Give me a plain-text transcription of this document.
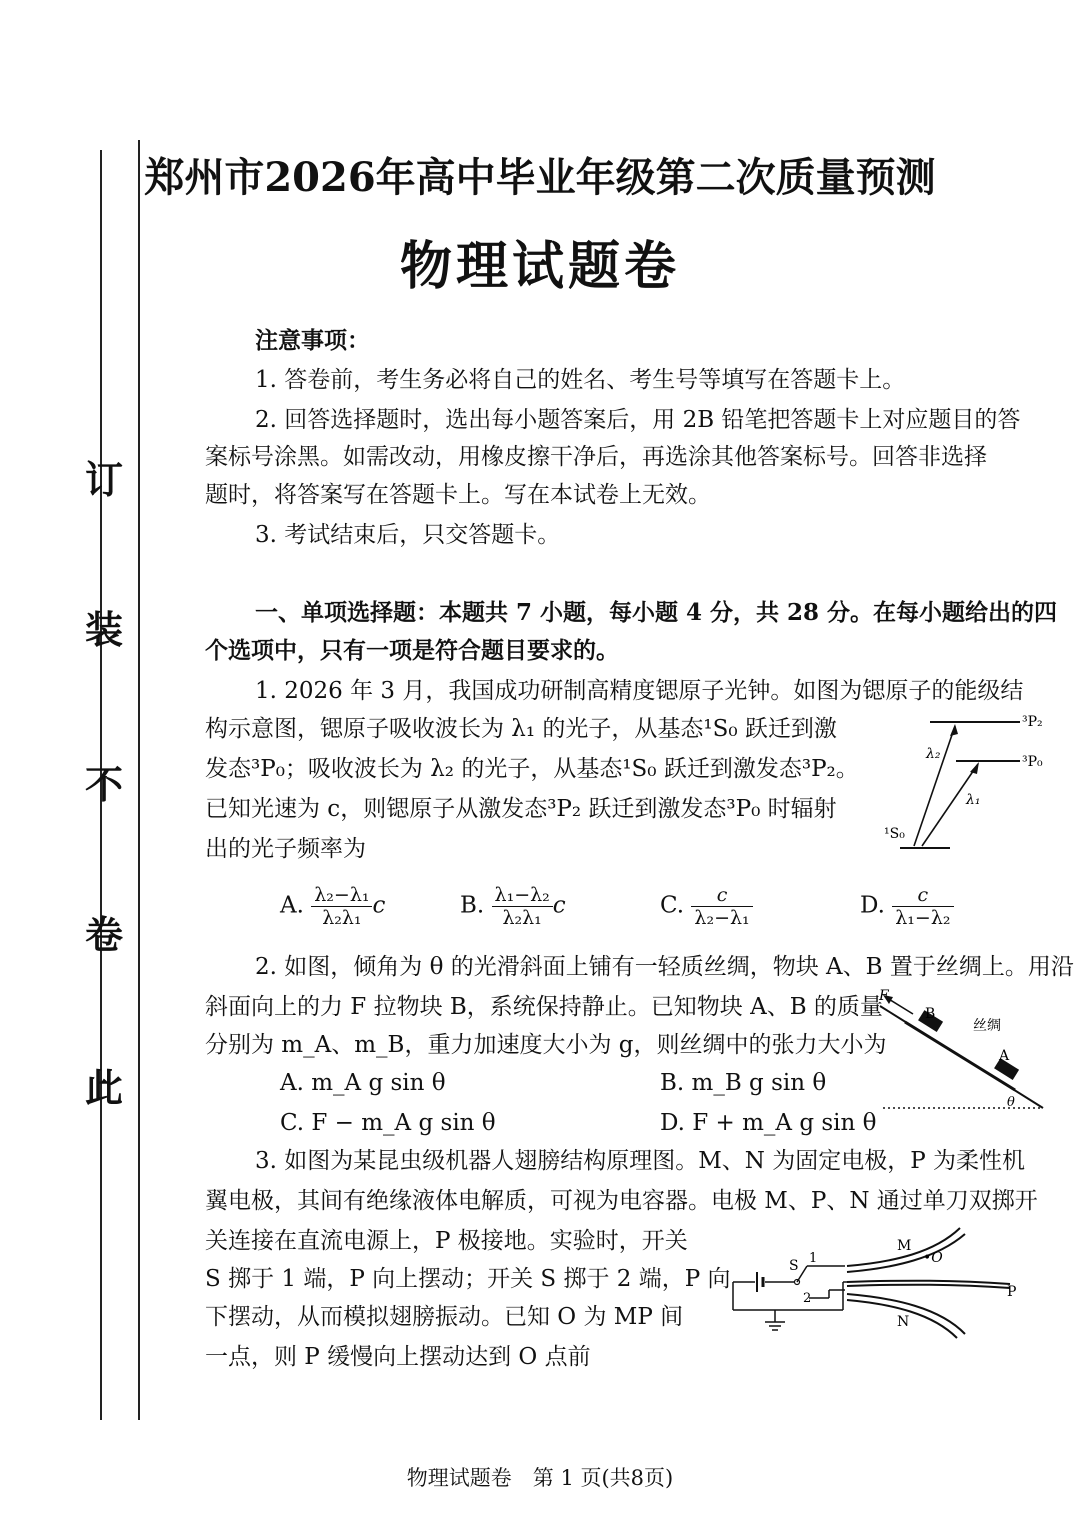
订
装
不
卷
此
郑州市2026年高中毕业年级第二次质量预测
物理试题卷
注意事项：
1. 答卷前，考生务必将自己的姓名、考生号等填写在答题卡上。
2. 回答选择题时，选出每小题答案后，用 2B 铅笔把答题卡上对应题目的答
案标号涂黑。如需改动，用橡皮擦干净后，再选涂其他答案标号。回答非选择
题时，将答案写在答题卡上。写在本试卷上无效。
3. 考试结束后，只交答题卡。
一、单项选择题：本题共 7 小题，每小题 4 分，共 28 分。在每小题给出的四
个选项中，只有一项是符合题目要求的。
1. 2026 年 3 月，我国成功研制高精度锶原子光钟。如图为锶原子的能级结
构示意图，锶原子吸收波长为 λ₁ 的光子，从基态¹S₀ 跃迁到激
发态³P₀；吸收波长为 λ₂ 的光子，从基态¹S₀ 跃迁到激发态³P₂。
已知光速为 c，则锶原子从激发态³P₂ 跃迁到激发态³P₀ 时辐射
出的光子频率为
³P₂
³P₀
¹S₀
λ₂
λ₁
A. $\frac{\text{λ₂−λ₁}}{\text{λ₂λ₁}}$ c	B. $\frac{\text{λ₁−λ₂}}{\text{λ₂λ₁}}$ c	C. $\frac{c}{\text{λ₂−λ₁}}$	D. $\frac{c}{\text{λ₁−λ₂}}$
2. 如图，倾角为 θ 的光滑斜面上铺有一轻质丝绸，物块 A、B 置于丝绸上。用沿
斜面向上的力 F 拉物块 B，系统保持静止。已知物块 A、B 的质量
分别为 m_A、m_B，重力加速度大小为 g，则丝绸中的张力大小为
A. m_A g sin θ	B. m_B g sin θ
C. F − m_A g sin θ	D. F + m_A g sin θ
F
B
A
丝绸
θ
3. 如图为某昆虫级机器人翅膀结构原理图。M、N 为固定电极，P 为柔性机
翼电极，其间有绝缘液体电解质，可视为电容器。电极 M、P、N 通过单刀双掷开
关连接在直流电源上，P 极接地。实验时，开关
S 掷于 1 端，P 向上摆动；开关 S 掷于 2 端，P 向
下摆动，从而模拟翅膀振动。已知 O 为 MP 间
一点，则 P 缓慢向上摆动达到 O 点前
S 1
2
M
•O
P
N
物理试题卷　第 1 页(共8页)
